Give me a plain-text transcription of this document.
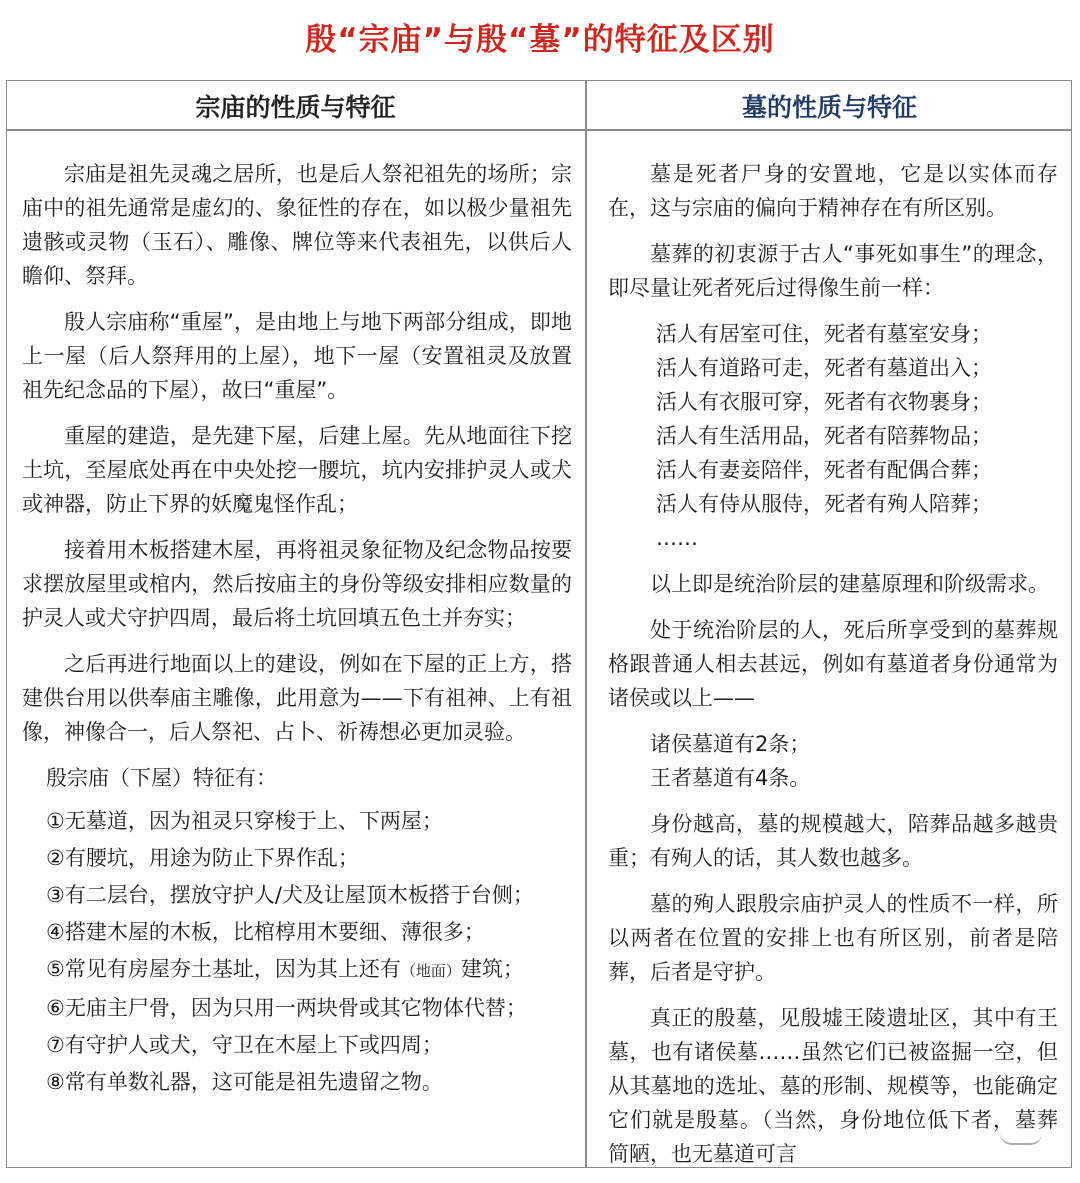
殷“宗庙”与殷“墓”的特征及区别
宗庙的性质与特征	墓的性质与特征

宗庙是祖先灵魂之居所，也是后人祭祀祖先的场所；宗庙中的祖先通常是虚幻的、象征性的存在，如以极少量祖先遗骸或灵物（玉石）、雕像、牌位等来代表祖先，以供后人瞻仰、祭拜。

殷人宗庙称“重屋”，是由地上与地下两部分组成，即地上一屋（后人祭拜用的上屋），地下一屋（安置祖灵及放置祖先纪念品的下屋），故曰“重屋”。

重屋的建造，是先建下屋，后建上屋。先从地面往下挖土坑，至屋底处再在中央处挖一腰坑，坑内安排护灵人或犬或神器，防止下界的妖魔鬼怪作乱；

接着用木板搭建木屋，再将祖灵象征物及纪念物品按要求摆放屋里或棺内，然后按庙主的身份等级安排相应数量的护灵人或犬守护四周，最后将土坑回填五色土并夯实；

之后再进行地面以上的建设，例如在下屋的正上方，搭建供台用以供奉庙主雕像，此用意为——下有祖神、上有祖像，神像合一，后人祭祀、占卜、祈祷想必更加灵验。

殷宗庙（下屋）特征有：

①无墓道，因为祖灵只穿梭于上、下两屋；

②有腰坑，用途为防止下界作乱；

③有二层台，摆放守护人/犬及让屋顶木板搭于台侧；

④搭建木屋的木板，比棺椁用木要细、薄很多；

⑤常见有房屋夯土基址，因为其上还有（地面）建筑；

⑥无庙主尸骨，因为只用一两块骨或其它物体代替；

⑦有守护人或犬，守卫在木屋上下或四周；

⑧常有单数礼器，这可能是祖先遗留之物。

墓是死者尸身的安置地，它是以实体而存在，这与宗庙的偏向于精神存在有所区别。

墓葬的初衷源于古人“事死如事生”的理念，即尽量让死者死后过得像生前一样：

活人有居室可住，死者有墓室安身；

活人有道路可走，死者有墓道出入；

活人有衣服可穿，死者有衣物裹身；

活人有生活用品，死者有陪葬物品；

活人有妻妾陪伴，死者有配偶合葬；

活人有侍从服侍，死者有殉人陪葬；

……

以上即是统治阶层的建墓原理和阶级需求。

处于统治阶层的人，死后所享受到的墓葬规格跟普通人相去甚远，例如有墓道者身份通常为诸侯或以上——

诸侯墓道有2条；

王者墓道有4条。

身份越高，墓的规模越大，陪葬品越多越贵重；有殉人的话，其人数也越多。

墓的殉人跟殷宗庙护灵人的性质不一样，所以两者在位置的安排上也有所区别，前者是陪葬，后者是守护。

真正的殷墓，见殷墟王陵遗址区，其中有王墓，也有诸侯墓……虽然它们已被盗掘一空，但从其墓地的选址、墓的形制、规模等，也能确定它们就是殷墓。（当然，身份地位低下者，墓葬简陋，也无墓道可言
